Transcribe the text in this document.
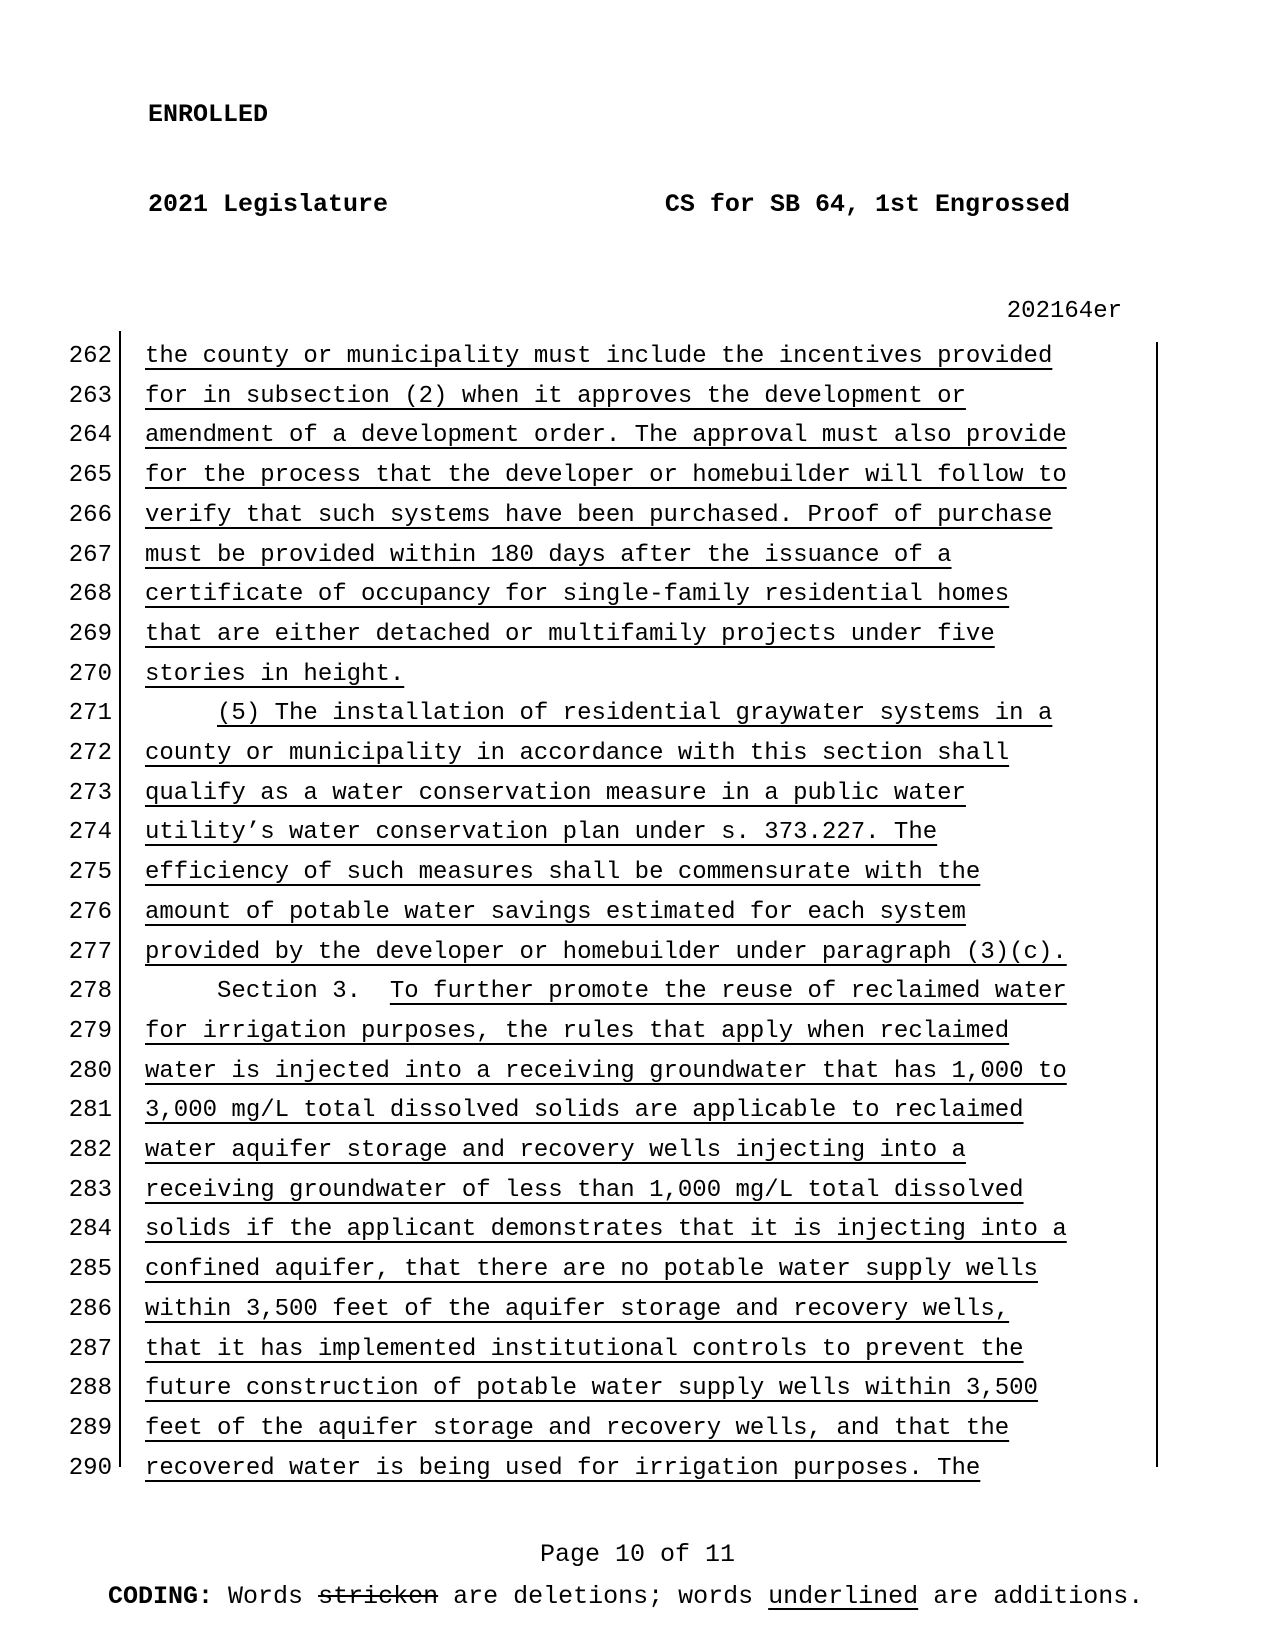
ENROLLED

2021 Legislature	CS for SB 64, 1st Engrossed

202164er
262	the county or municipality must include the incentives provided
263	for in subsection (2) when it approves the development or
264	amendment of a development order. The approval must also provide
265	for the process that the developer or homebuilder will follow to
266	verify that such systems have been purchased. Proof of purchase
267	must be provided within 180 days after the issuance of a
268	certificate of occupancy for single-family residential homes
269	that are either detached or multifamily projects under five
270	stories in height.
271	(5) The installation of residential graywater systems in a
272	county or municipality in accordance with this section shall
273	qualify as a water conservation measure in a public water
274	utility’s water conservation plan under s. 373.227. The
275	efficiency of such measures shall be commensurate with the
276	amount of potable water savings estimated for each system
277	provided by the developer or homebuilder under paragraph (3)(c).
278	Section 3.  To further promote the reuse of reclaimed water
279	for irrigation purposes, the rules that apply when reclaimed
280	water is injected into a receiving groundwater that has 1,000 to
281	3,000 mg/L total dissolved solids are applicable to reclaimed
282	water aquifer storage and recovery wells injecting into a
283	receiving groundwater of less than 1,000 mg/L total dissolved
284	solids if the applicant demonstrates that it is injecting into a
285	confined aquifer, that there are no potable water supply wells
286	within 3,500 feet of the aquifer storage and recovery wells,
287	that it has implemented institutional controls to prevent the
288	future construction of potable water supply wells within 3,500
289	feet of the aquifer storage and recovery wells, and that the
290	recovered water is being used for irrigation purposes. The
Page 10 of 11
CODING: Words stricken are deletions; words underlined are additions.
